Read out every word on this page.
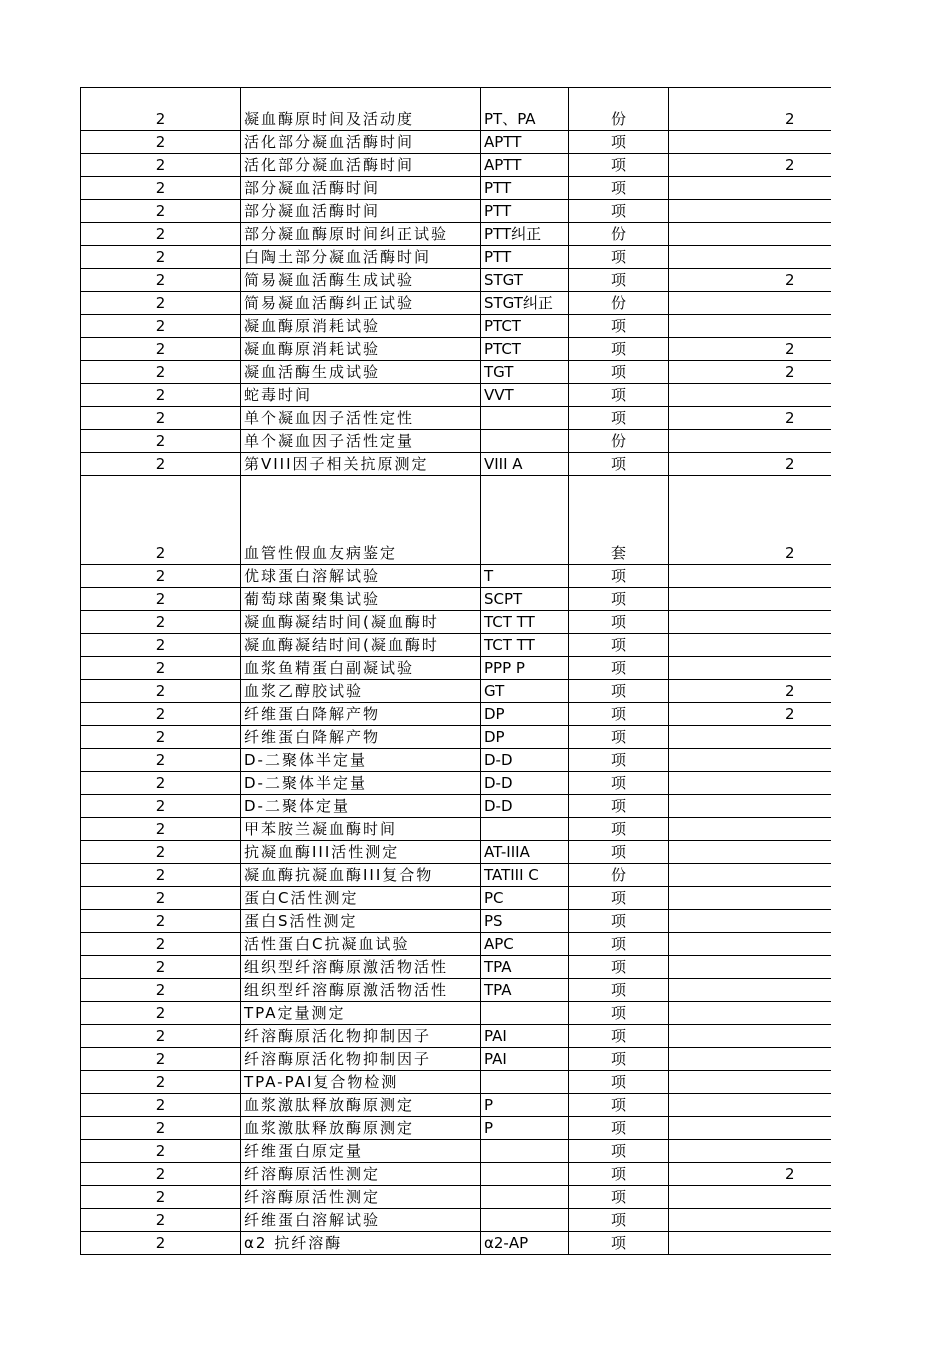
2	凝血酶原时间及活动度	PT、PA	份	2
2	活化部分凝血活酶时间	APTT	项	
2	活化部分凝血活酶时间	APTT	项	2
2	部分凝血活酶时间	PTT	项	
2	部分凝血活酶时间	PTT	项	
2	部分凝血酶原时间纠正试验	PTT纠正	份	
2	白陶土部分凝血活酶时间	PTT	项	
2	简易凝血活酶生成试验	STGT	项	2
2	简易凝血活酶纠正试验	STGT纠正	份	
2	凝血酶原消耗试验	PTCT	项	
2	凝血酶原消耗试验	PTCT	项	2
2	凝血活酶生成试验	TGT	项	2
2	蛇毒时间	VVT	项	
2	单个凝血因子活性定性		项	2
2	单个凝血因子活性定量		份	
2	第VIII因子相关抗原测定	VIII A	项	2
2	血管性假血友病鉴定		套	2
2	优球蛋白溶解试验	T	项	
2	葡萄球菌聚集试验	SCPT	项	
2	凝血酶凝结时间(凝血酶时	TCT TT	项	
2	凝血酶凝结时间(凝血酶时	TCT TT	项	
2	血浆鱼精蛋白副凝试验	PPP P	项	
2	血浆乙醇胶试验	GT	项	2
2	纤维蛋白降解产物	DP	项	2
2	纤维蛋白降解产物	DP	项	
2	D-二聚体半定量	D-D	项	
2	D-二聚体半定量	D-D	项	
2	D-二聚体定量	D-D	项	
2	甲苯胺兰凝血酶时间		项	
2	抗凝血酶III活性测定	AT-IIIA	项	
2	凝血酶抗凝血酶III复合物	TATIII C	份	
2	蛋白C活性测定	PC	项	
2	蛋白S活性测定	PS	项	
2	活性蛋白C抗凝血试验	APC	项	
2	组织型纤溶酶原激活物活性	TPA	项	
2	组织型纤溶酶原激活物活性	TPA	项	
2	TPA定量测定		项	
2	纤溶酶原活化物抑制因子	PAI	项	
2	纤溶酶原活化物抑制因子	PAI	项	
2	TPA-PAI复合物检测		项	
2	血浆激肽释放酶原测定	P	项	
2	血浆激肽释放酶原测定	P	项	
2	纤维蛋白原定量		项	
2	纤溶酶原活性测定		项	2
2	纤溶酶原活性测定		项	
2	纤维蛋白溶解试验		项	
2	α2 抗纤溶酶	α2-AP	项	
